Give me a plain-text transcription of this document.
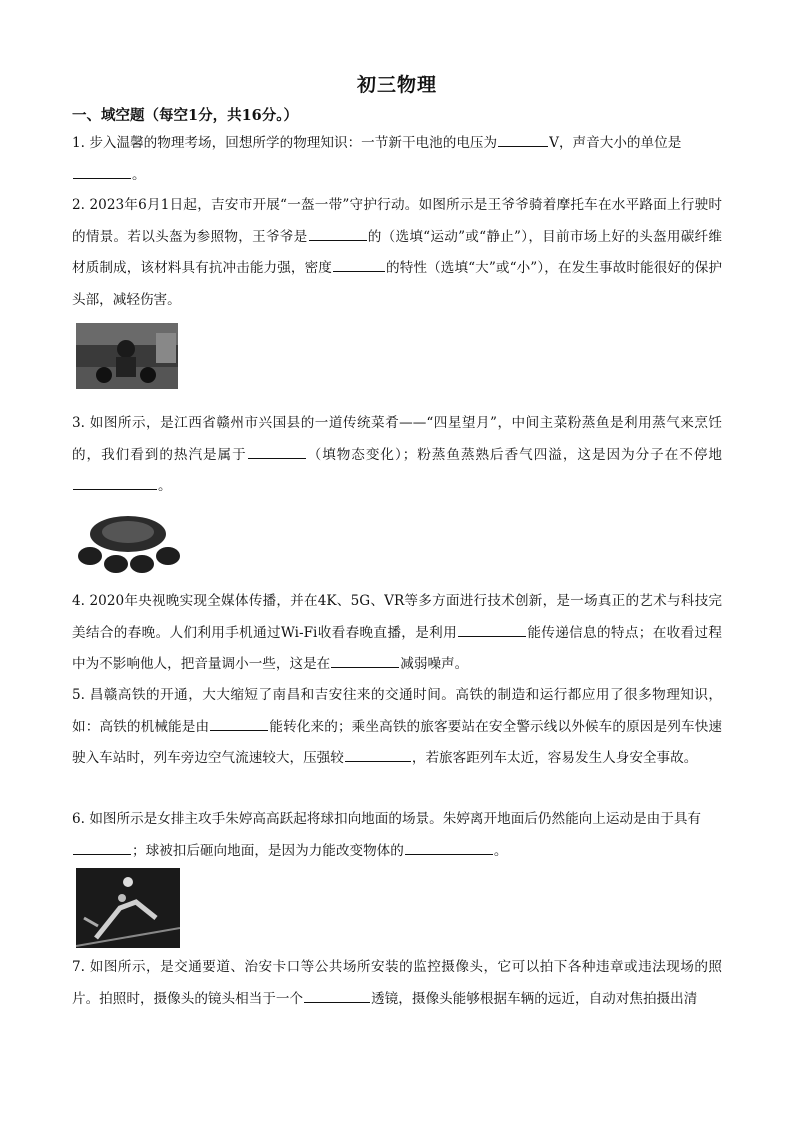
初三物理
一、域空题（每空1分，共16分。）
1. 步入温馨的物理考场，回想所学的物理知识：一节新干电池的电压为	V，声音大小的单位是
。
2. 2023年6月1日起，吉安市开展“一盔一带”守护行动。如图所示是王爷爷骑着摩托车在水平路面上行驶时的情景。若以头盔为参照物，王爷爷是	的（选填“运动”或“静止”），目前市场上好的头盔用碳纤维材质制成，该材料具有抗冲击能力强，密度	的特性（选填“大”或“小”），在发生事故时能很好的保护头部，减轻伤害。
3. 如图所示，是江西省赣州市兴国县的一道传统菜肴——“四星望月”，中间主菜粉蒸鱼是利用蒸气来烹饪的，我们看到的热汽是属于	（填物态变化）；粉蒸鱼蒸熟后香气四溢，这是因为分子在不停地。
4. 2020年央视晚实现全媒体传播，并在4K、5G、VR等多方面进行技术创新，是一场真正的艺术与科技完美结合的春晚。人们利用手机通过Wi-Fi收看春晚直播，是利用	能传递信息的特点；在收看过程中为不影响他人，把音量调小一些，这是在	减弱噪声。
5. 昌赣高铁的开通，大大缩短了南昌和吉安往来的交通时间。高铁的制造和运行都应用了很多物理知识，如：高铁的机械能是由	能转化来的；乘坐高铁的旅客要站在安全警示线以外候车的原因是列车快速驶入车站时，列车旁边空气流速较大，压强较	，若旅客距列车太近，容易发生人身安全事故。
6. 如图所示是女排主攻手朱婷高高跃起将球扣向地面的场景。朱婷离开地面后仍然能向上运动是由于具有
；球被扣后砸向地面，是因为力能改变物体的	。
7. 如图所示，是交通要道、治安卡口等公共场所安装的监控摄像头，它可以拍下各种违章或违法现场的照片。拍照时，摄像头的镜头相当于一个	透镜，摄像头能够根据车辆的远近，自动对焦拍摄出清
